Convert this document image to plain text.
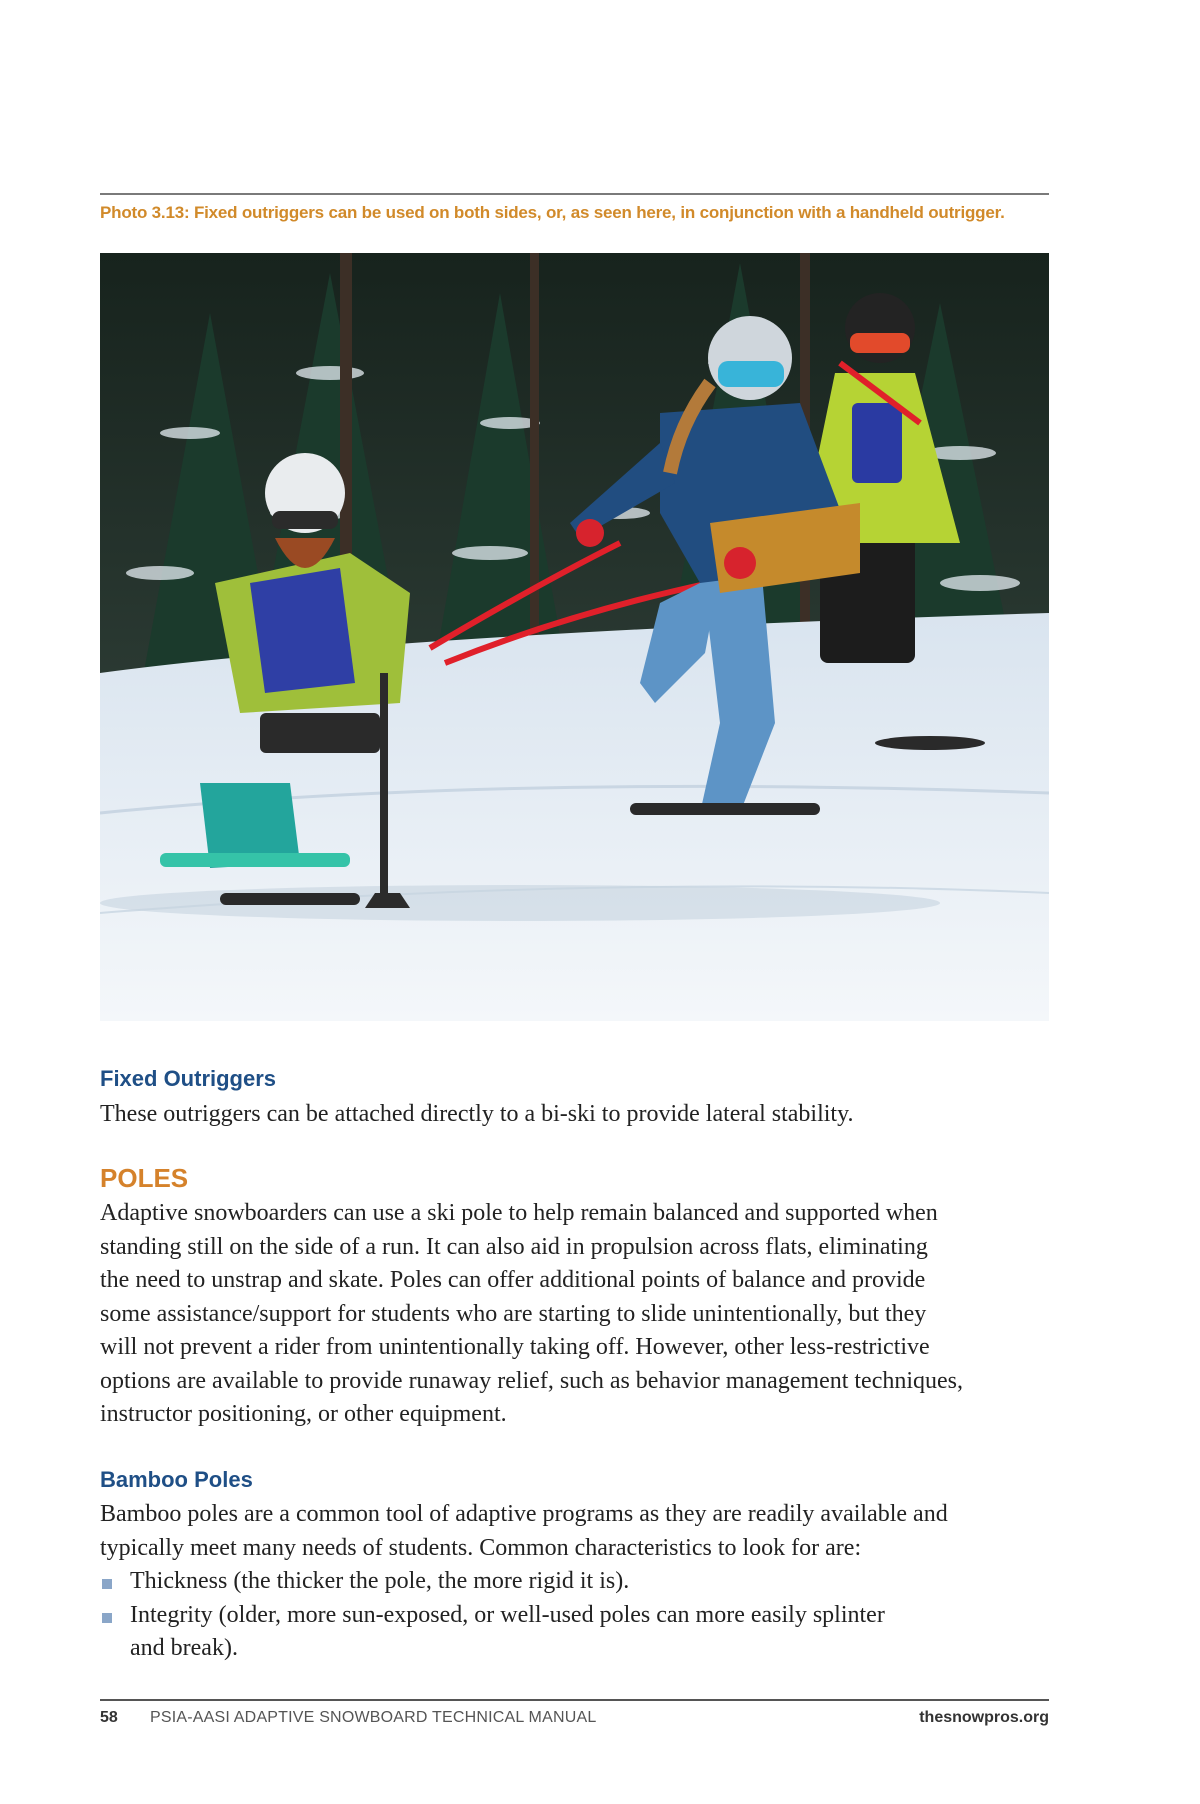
Photo 3.13: Fixed outriggers can be used on both sides, or, as seen here, in conjunction with a handheld outrigger.
Fixed Outriggers

These outriggers can be attached directly to a bi-ski to provide lateral stability.

POLES
Adaptive snowboarders can use a ski pole to help remain balanced and supported when
standing still on the side of a run. It can also aid in propulsion across flats, eliminating
the need to unstrap and skate. Poles can offer additional points of balance and provide
some assistance/support for students who are starting to slide unintentionally, but they
will not prevent a rider from unintentionally taking off. However, other less-restrictive
options are available to provide runaway relief, such as behavior management techniques,
instructor positioning, or other equipment.
Bamboo Poles
Bamboo poles are a common tool of adaptive programs as they are readily available and
typically meet many needs of students. Common characteristics to look for are:
Thickness (the thicker the pole, the more rigid it is).
Integrity (older, more sun-exposed, or well-used poles can more easily splinter
and break).
58 PSIA-AASI ADAPTIVE SNOWBOARD TECHNICAL MANUAL	thesnowpros.org
